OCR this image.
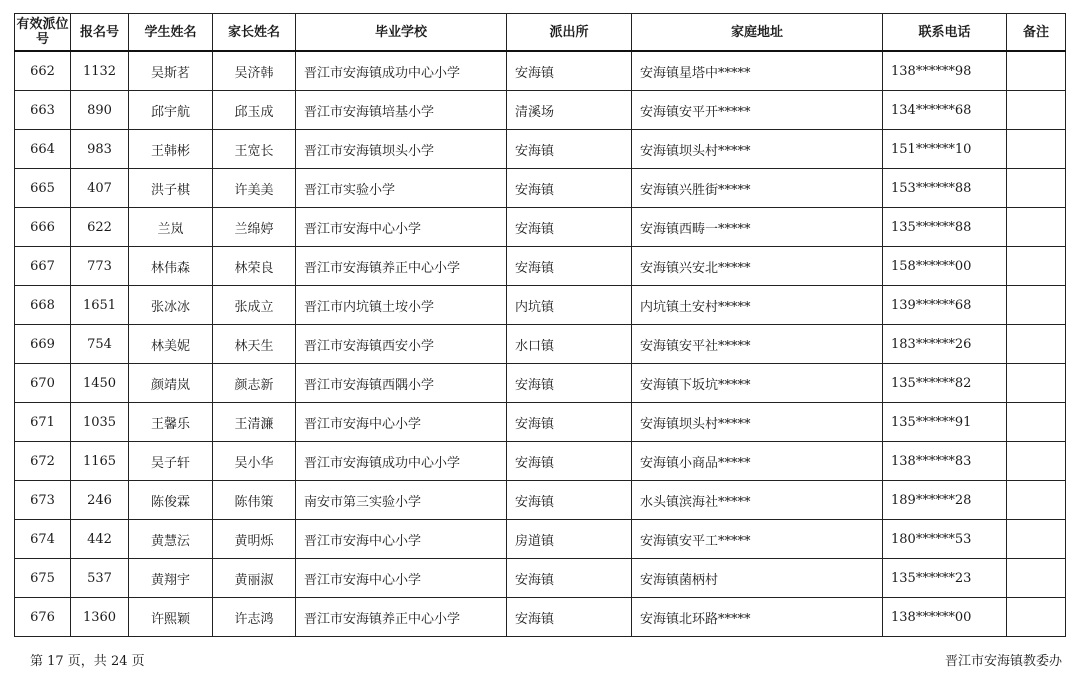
有效派位号	报名号	学生姓名	家长姓名	毕业学校	派出所	家庭地址	联系电话	备注
662	1132	吴斯茗	吴济韩	晋江市安海镇成功中心小学	安海镇	安海镇星塔中*****	138******98	
663	890	邱宇航	邱玉成	晋江市安海镇培基小学	清溪场	安海镇安平开*****	134******68	
664	983	王韩彬	王宽长	晋江市安海镇坝头小学	安海镇	安海镇坝头村*****	151******10	
665	407	洪子棋	许美美	晋江市实验小学	安海镇	安海镇兴胜街*****	153******88	
666	622	兰岚	兰绵婷	晋江市安海中心小学	安海镇	安海镇西畴一*****	135******88	
667	773	林伟森	林荣良	晋江市安海镇养正中心小学	安海镇	安海镇兴安北*****	158******00	
668	1651	张冰冰	张成立	晋江市内坑镇土垵小学	内坑镇	内坑镇土安村*****	139******68	
669	754	林美妮	林天生	晋江市安海镇西安小学	水口镇	安海镇安平社*****	183******26	
670	1450	颜靖岚	颜志新	晋江市安海镇西隅小学	安海镇	安海镇下坂坑*****	135******82	
671	1035	王馨乐	王清濂	晋江市安海中心小学	安海镇	安海镇坝头村*****	135******91	
672	1165	吴子轩	吴小华	晋江市安海镇成功中心小学	安海镇	安海镇小商品*****	138******83	
673	246	陈俊霖	陈伟策	南安市第三实验小学	安海镇	水头镇滨海社*****	189******28	
674	442	黄慧沄	黄明烁	晋江市安海中心小学	房道镇	安海镇安平工*****	180******53	
675	537	黄翔宇	黄丽淑	晋江市安海中心小学	安海镇	安海镇菌柄村	135******23	
676	1360	许熙颖	许志鸿	晋江市安海镇养正中心小学	安海镇	安海镇北环路*****	138******00	
第 17 页，共 24 页	晋江市安海镇教委办
